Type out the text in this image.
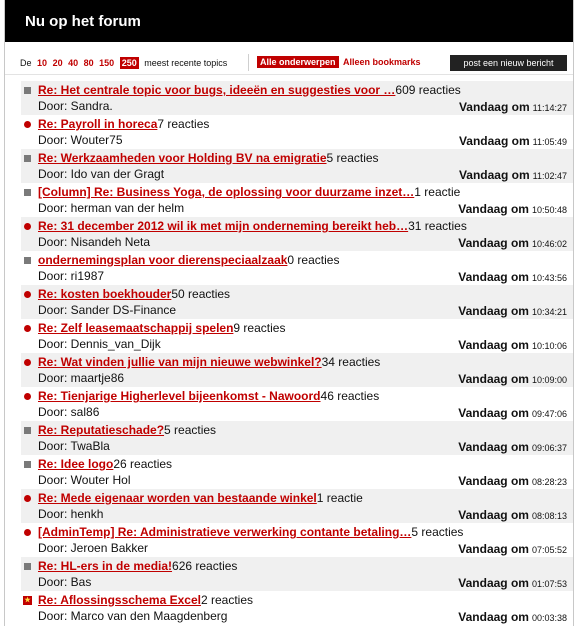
Nu op het forum
De 10 20 40 80 150 250 meest recente topics	Alle onderwerpen Alleen bookmarks	post een nieuw bericht
Re: Het centrale topic voor bugs, ideeën en suggesties voor …609 reacties
Door: Sandra.	Vandaag om 11:14:27
Re: Payroll in horeca7 reacties
Door: Wouter75	Vandaag om 11:05:49
Re: Werkzaamheden voor Holding BV na emigratie5 reacties
Door: Ido van der Gragt	Vandaag om 11:02:47
[Column] Re: Business Yoga, de oplossing voor duurzame inzet…1 reactie
Door: herman van der helm	Vandaag om 10:50:48
Re: 31 december 2012 wil ik met mijn onderneming bereikt heb…31 reacties
Door: Nisandeh Neta	Vandaag om 10:46:02
ondernemingsplan voor dierenspeciaalzaak0 reacties
Door: ri1987	Vandaag om 10:43:56
Re: kosten boekhouder50 reacties
Door: Sander DS-Finance	Vandaag om 10:34:21
Re: Zelf leasemaatschappij spelen9 reacties
Door: Dennis_van_Dijk	Vandaag om 10:10:06
Re: Wat vinden jullie van mijn nieuwe webwinkel?34 reacties
Door: maartje86	Vandaag om 10:09:00
Re: Tienjarige Higherlevel bijeenkomst - Nawoord46 reacties
Door: sal86	Vandaag om 09:47:06
Re: Reputatieschade?5 reacties
Door: TwaBla	Vandaag om 09:06:37
Re: Idee logo26 reacties
Door: Wouter Hol	Vandaag om 08:28:23
Re: Mede eigenaar worden van bestaande winkel1 reactie
Door: henkh	Vandaag om 08:08:13
[AdminTemp] Re: Administratieve verwerking contante betaling…5 reacties
Door: Jeroen Bakker	Vandaag om 07:05:52
Re: HL-ers in de media!626 reacties
Door: Bas	Vandaag om 01:07:53
★ Re: Aflossingsschema Excel2 reacties
Door: Marco van den Maagdenberg	Vandaag om 00:03:38
